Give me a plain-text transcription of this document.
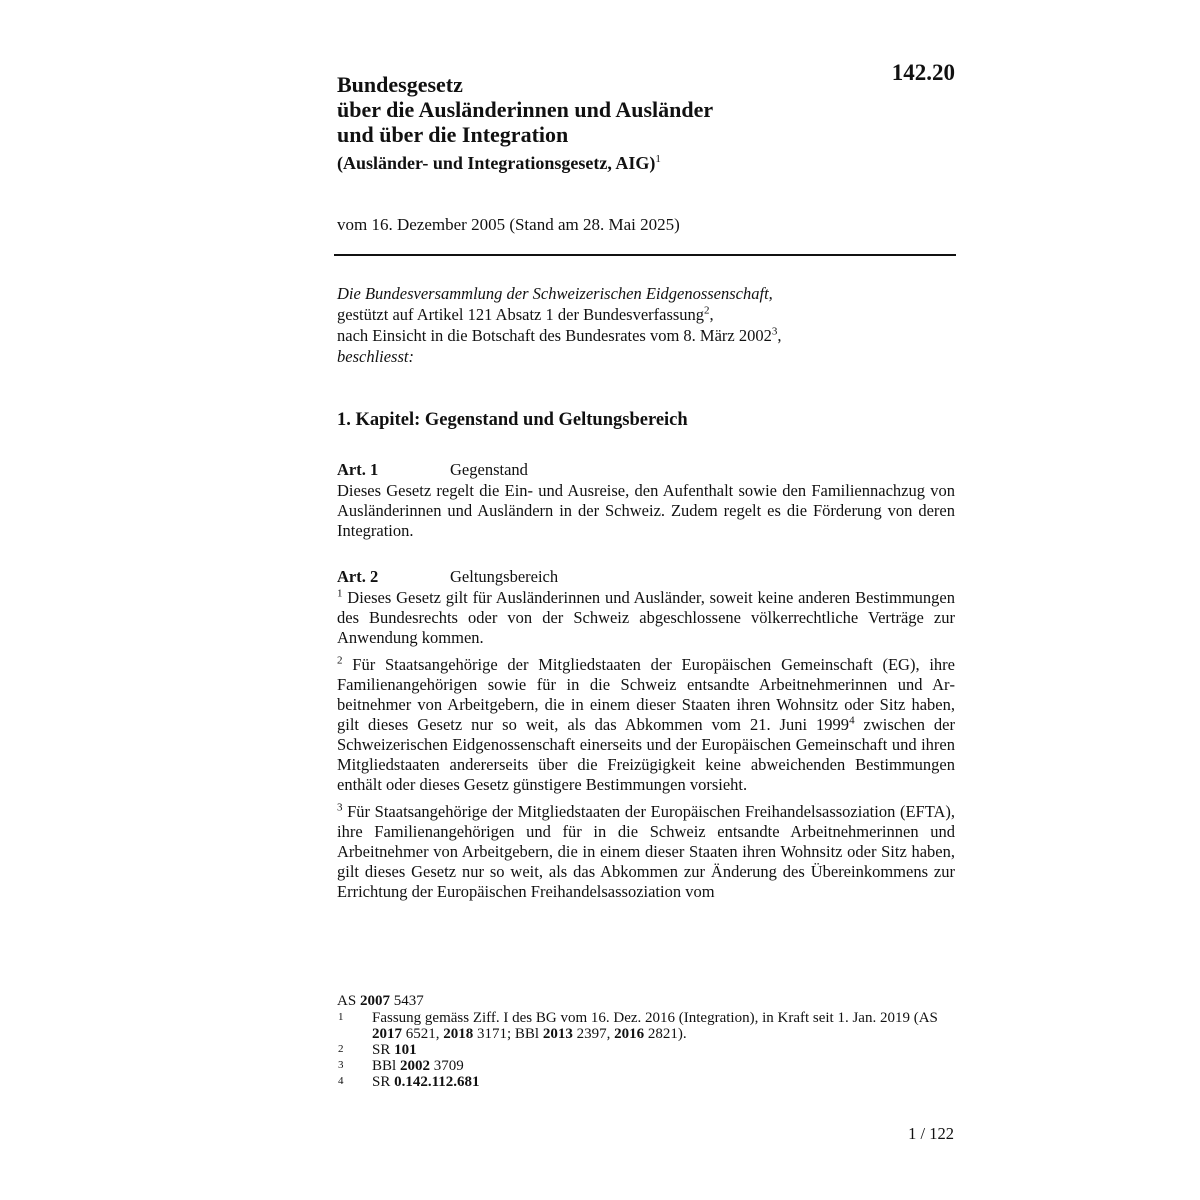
142.20
Bundesgesetz
über die Ausländerinnen und Ausländer
und über die Integration
(Ausländer- und Integrationsgesetz, AIG)$^1$
vom 16. Dezember 2005 (Stand am 28. Mai 2025)
Die Bundesversammlung der Schweizerischen Eidgenossenschaft,
gestützt auf Artikel 121 Absatz 1 der Bundesverfassung$^2$,
nach Einsicht in die Botschaft des Bundesrates vom 8. März 2002$^3$,
beschliesst:
1. Kapitel: Gegenstand und Geltungsbereich
Art. 1	Gegenstand

Dieses Gesetz regelt die Ein- und Ausreise, den Aufenthalt sowie den Familiennachzug von Ausländerinnen und Ausländern in der Schweiz. Zudem regelt es die Förderung von deren Integration.

Art. 2	Geltungsbereich

$^1$ Dieses Gesetz gilt für Ausländerinnen und Ausländer, soweit keine anderen Bestimmungen des Bundesrechts oder von der Schweiz abgeschlossene völkerrechtliche Verträge zur Anwendung kommen.

$^2$ Für Staatsangehörige der Mitgliedstaaten der Europäischen Gemeinschaft (EG), ihre Familienangehörigen sowie für in die Schweiz entsandte Arbeitnehmerinnen und Arbeitnehmer von Arbeitgebern, die in einem dieser Staaten ihren Wohnsitz oder Sitz haben, gilt dieses Gesetz nur so weit, als das Abkommen vom 21. Juni 1999$^4$ zwischen der Schweizerischen Eidgenossenschaft einerseits und der Europäischen Gemeinschaft und ihren Mitgliedstaaten andererseits über die Freizügigkeit keine abweichenden Bestimmungen enthält oder dieses Gesetz günstigere Bestimmungen vorsieht.

$^3$ Für Staatsangehörige der Mitgliedstaaten der Europäischen Freihandelsassoziation (EFTA), ihre Familienangehörigen und für in die Schweiz entsandte Arbeitnehmerinnen und Arbeitnehmer von Arbeitgebern, die in einem dieser Staaten ihren Wohnsitz oder Sitz haben, gilt dieses Gesetz nur so weit, als das Abkommen zur Änderung des Übereinkommens zur Errichtung der Europäischen Freihandelsassoziation vom

AS 2007 5437
1	Fassung gemäss Ziff. I des BG vom 16. Dez. 2016 (Integration), in Kraft seit 1. Jan. 2019 (AS 2017 6521, 2018 3171; BBl 2013 2397, 2016 2821).
2	SR 101
3	BBl 2002 3709
4	SR 0.142.112.681
1 / 122
